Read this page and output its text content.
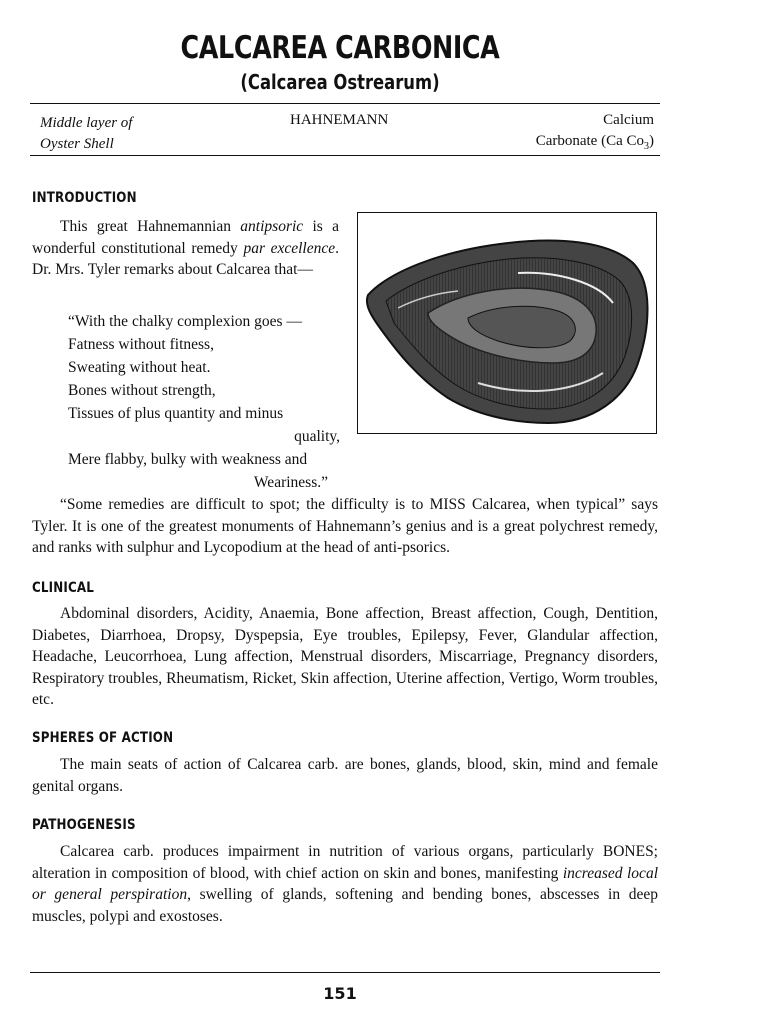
CALCAREA CARBONICA
(Calcarea Ostrearum)
Middle layer of
Oyster Shell
HAHNEMANN	Calcium
Carbonate (Ca $Co_3$)
INTRODUCTION
This great Hahnemannian antipsoric is a wonderful constitutional remedy par excellence. Dr. Mrs. Tyler remarks about Calcarea that—
“With the chalky complexion goes —
Fatness without fitness,
Sweating without heat.
Bones without strength,
Tissues of plus quantity and minus
quality,
Mere flabby, bulky with weakness and
Weariness.”
“Some remedies are difficult to spot; the difficulty is to MISS Calcarea, when typical” says Tyler. It is one of the greatest monuments of Hahnemann’s genius and is a great polychrest remedy, and ranks with sulphur and Lycopodium at the head of anti-psorics.
CLINICAL
Abdominal disorders, Acidity, Anaemia, Bone affection, Breast affection, Cough, Dentition, Diabetes, Diarrhoea, Dropsy, Dyspepsia, Eye troubles, Epilepsy, Fever, Glandular affection, Headache, Leucorrhoea, Lung affection, Menstrual disorders, Miscarriage, Pregnancy disorders, Respiratory troubles, Rheumatism, Ricket, Skin affection, Uterine affection, Vertigo, Worm troubles, etc.
SPHERES OF ACTION
The main seats of action of Calcarea carb. are bones, glands, blood, skin, mind and female genital organs.
PATHOGENESIS
Calcarea carb. produces impairment in nutrition of various organs, particularly BONES; alteration in composition of blood, with chief action on skin and bones, manifesting increased local or general perspiration, swelling of glands, softening and bending bones, abscesses in deep muscles, polypi and exostoses.
151
